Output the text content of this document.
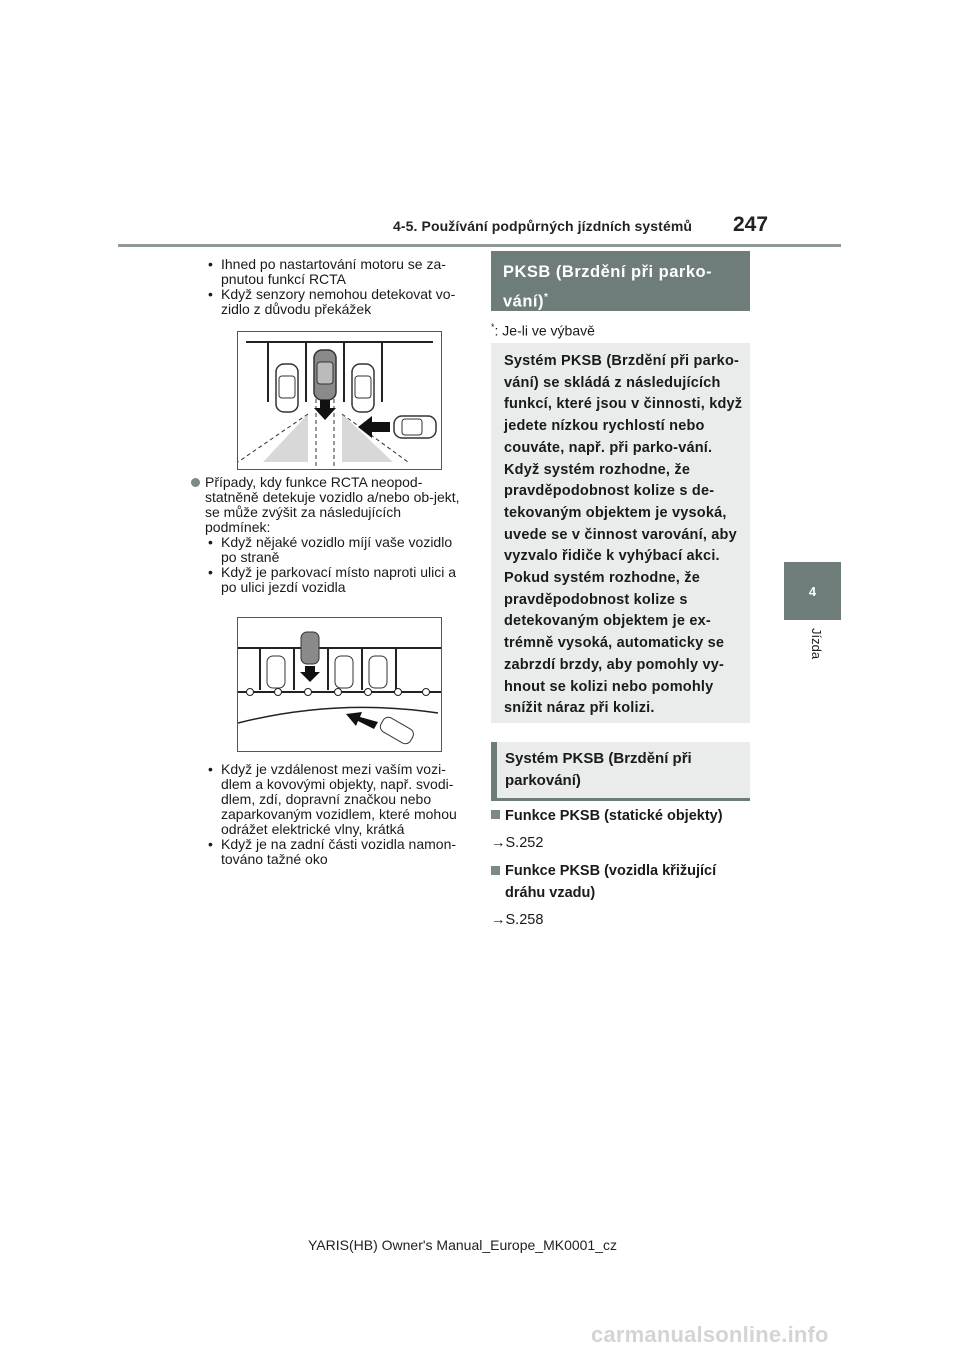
4-5. Používání podpůrných jízdních systémů 247
4
Jízda

• Ihned po nastartování motoru se za-pnutou funkcí RCTA

• Když senzory nemohou detekovat vo-zidlo z důvodu překážek

Případy, kdy funkce RCTA neopod-statněně detekuje vozidlo a/nebo ob-jekt, se může zvýšit za následujících podmínek:

• Když nějaké vozidlo míjí vaše vozidlo po straně

• Když je parkovací místo naproti ulici a po ulici jezdí vozidla

• Když je vzdálenost mezi vaším vozi-dlem a kovovými objekty, např. svodi-dlem, zdí, dopravní značkou nebo zaparkovaným vozidlem, které mohou odrážet elektrické vlny, krátká

• Když je na zadní části vozidla namon-továno tažné oko

PKSB (Brzdění při parko-vání)*
*: Je-li ve výbavě
Systém PKSB (Brzdění při parko-vání) se skládá z následujících funkcí, které jsou v činnosti, když jedete nízkou rychlostí nebo couváte, např. při parko-vání. Když systém rozhodne, že pravděpodobnost kolize s de-tekovaným objektem je vysoká, uvede se v činnost varování, aby vyzvalo řidiče k vyhýbací akci. Pokud systém rozhodne, že pravděpodobnost kolize s detekovaným objektem je ex-trémně vysoká, automaticky se zabrzdí brzdy, aby pomohly vy-hnout se kolizi nebo pomohly snížit náraz při kolizi.
Systém PKSB (Brzdění při parkování)
Funkce PKSB (statické objekty)
→S.252
Funkce PKSB (vozidla křižující dráhu vzadu)
→S.258
YARIS(HB) Owner's Manual_Europe_MK0001_cz
carmanualsonline.info
